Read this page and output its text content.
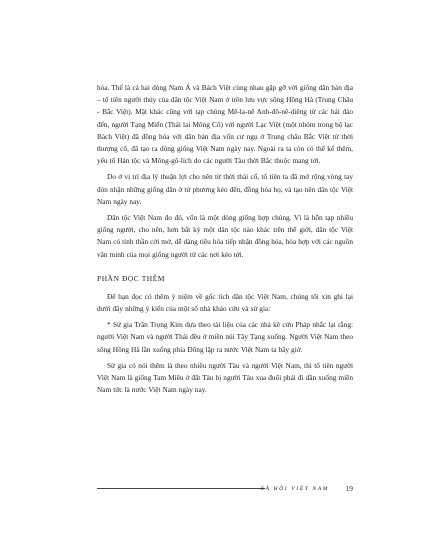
hóa. Thế là cả hai dòng Nam Á và Bách Việt cùng nhau gặp gỡ với giống dân bản địa – tổ tiên người thủy của dân tộc Việt Nam ở trên lưu vực sông Hồng Hà (Trung Châu - Bắc Việt). Mặt khác cũng với tạp chủng Mê-la-nê Anh-đô-nê-diêng từ các hải đảo đến, người Tạng Miến (Thái lai Mông Cổ) với người Lạc Việt (một nhóm trong bộ lạc Bách Việt) đã đồng hóa với dân bản địa vốn cư ngụ ở Trung châu Bắc Việt từ thời thượng cổ, đã tạo ra dòng giống Việt Nam ngày nay. Ngoài ra ta còn có thể kể thêm, yếu tố Hán tộc và Mông-gô-lích do các người Tàu thời Bắc thuộc mang tới.

Do ở vị trí địa lý thuận lợi cho nên từ thời thái cổ, tổ tiên ta đã mở rộng vòng tay đón nhận những giống dân ở tứ phương kéo đến, đồng hóa họ, và tạo nên dân tộc Việt Nam ngày nay.

Dân tộc Việt Nam đo đó, vốn là một dòng giống hợp chủng. Vì là hỗn tạp nhiều giống người, cho nên, hơn bất kỳ một dân tộc nào khác trên thế giới, dân tộc Việt Nam có tinh thần cởi mở, dễ dàng tiêu hóa tiếp nhận đồng hóa, hòa hợp với các nguồn văn minh của mọi giống người từ các nơi kéo tới.

PHẦN ĐỌC THÊM

Để bạn đọc có thêm ý niệm về gốc tích dân tộc Việt Nam, chúng tôi xin ghi lại dưới đây những ý kiến của một số nhà khảo cứu và sử gia:

* Sử gia Trần Trọng Kim dựa theo tài liệu của các nhà kê cứu Pháp nhắc lại rằng: người Việt Nam và người Thái đều ở miền núi Tây Tạng xuống. Người Việt Nam theo sông Hồng Hà lần xuống phía Đông lập ra nước Việt Nam ta bây giờ.

Sử gia có nói thêm là theo nhiều người Tàu và người Việt Nam, thì tổ tiên người Việt Nam là giống Tam Miêu ở đất Tàu bị người Tàu xua đuổi phải đi dần xuống miền Nam tức là nước Việt Nam ngày nay.

XÃ HỘI VIỆT NAM 19
